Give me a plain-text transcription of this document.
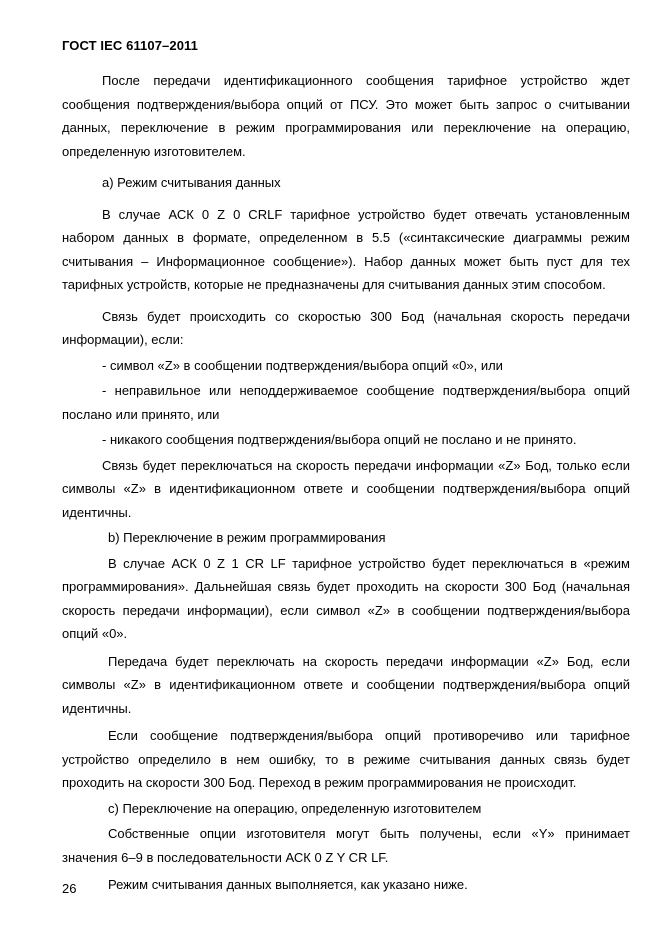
ГОСТ IEC 61107–2011

После передачи идентификационного сообщения тарифное устройство ждет сообщения подтверждения/выбора опций от ПСУ. Это может быть запрос о считывании данных, переключение в режим программирования или переключение на операцию, определенную изготовителем.

а) Режим считывания данных

В случае АСК 0 Z 0 CRLF тарифное устройство будет отвечать установленным набором данных в формате, определенном в 5.5 («синтаксические диаграммы режим считывания – Информационное сообщение»). Набор данных может быть пуст для тех тарифных устройств, которые не предназначены для считывания данных этим способом.

Связь будет происходить со скоростью 300 Бод (начальная скорость передачи информации), если:

- символ «Z» в сообщении подтверждения/выбора опций «0», или

- неправильное или неподдерживаемое сообщение подтверждения/выбора опций послано или принято, или

- никакого сообщения подтверждения/выбора опций не послано и не принято.

Связь будет переключаться на скорость передачи информации «Z» Бод, только если символы «Z» в идентификационном ответе и сообщении подтверждения/выбора опций идентичны.

b) Переключение в режим программирования

В случае АСК 0 Z 1 CR LF тарифное устройство будет переключаться в «режим программирования». Дальнейшая связь будет проходить на скорости 300 Бод (начальная скорость передачи информации), если символ «Z» в сообщении подтверждения/выбора опций «0».

Передача будет переключать на скорость передачи информации «Z» Бод, если символы «Z» в идентификационном ответе и сообщении подтверждения/выбора опций идентичны.

Если сообщение подтверждения/выбора опций противоречиво или тарифное устройство определило в нем ошибку, то в режиме считывания данных связь будет проходить на скорости 300 Бод. Переход в режим программирования не происходит.

c) Переключение на операцию, определенную изготовителем

Собственные опции изготовителя могут быть получены, если «Y» принимает значения 6–9 в последовательности АСК 0 Z Y CR LF.

Режим считывания данных выполняется, как указано ниже.

26
